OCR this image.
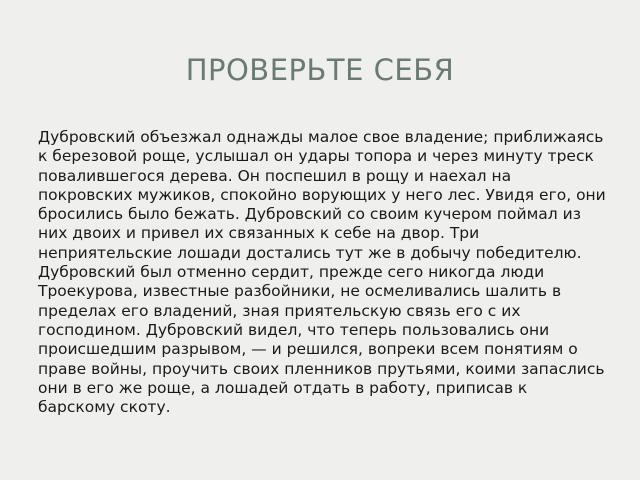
ПРОВЕРЬТЕ СЕБЯ

Дубровский объезжал однажды малое свое владение; приближаясь к березовой роще, услышал он удары топора и через минуту треск повалившегося дерева. Он поспешил в рощу и наехал на покровских мужиков, спокойно ворующих у него лес. Увидя его, они бросились было бежать. Дубровский со своим кучером поймал из них двоих и привел их связанных к себе на двор. Три неприятельские лошади достались тут же в добычу победителю. Дубровский был отменно сердит, прежде сего никогда люди Троекурова, известные разбойники, не осмеливались шалить в пределах его владений, зная приятельскую связь его с их господином. Дубровский видел, что теперь пользовались они происшедшим разрывом, — и решился, вопреки всем понятиям о праве войны, проучить своих пленников прутьями, коими запаслись они в его же роще, а лошадей отдать в работу, приписав к барскому скоту.
